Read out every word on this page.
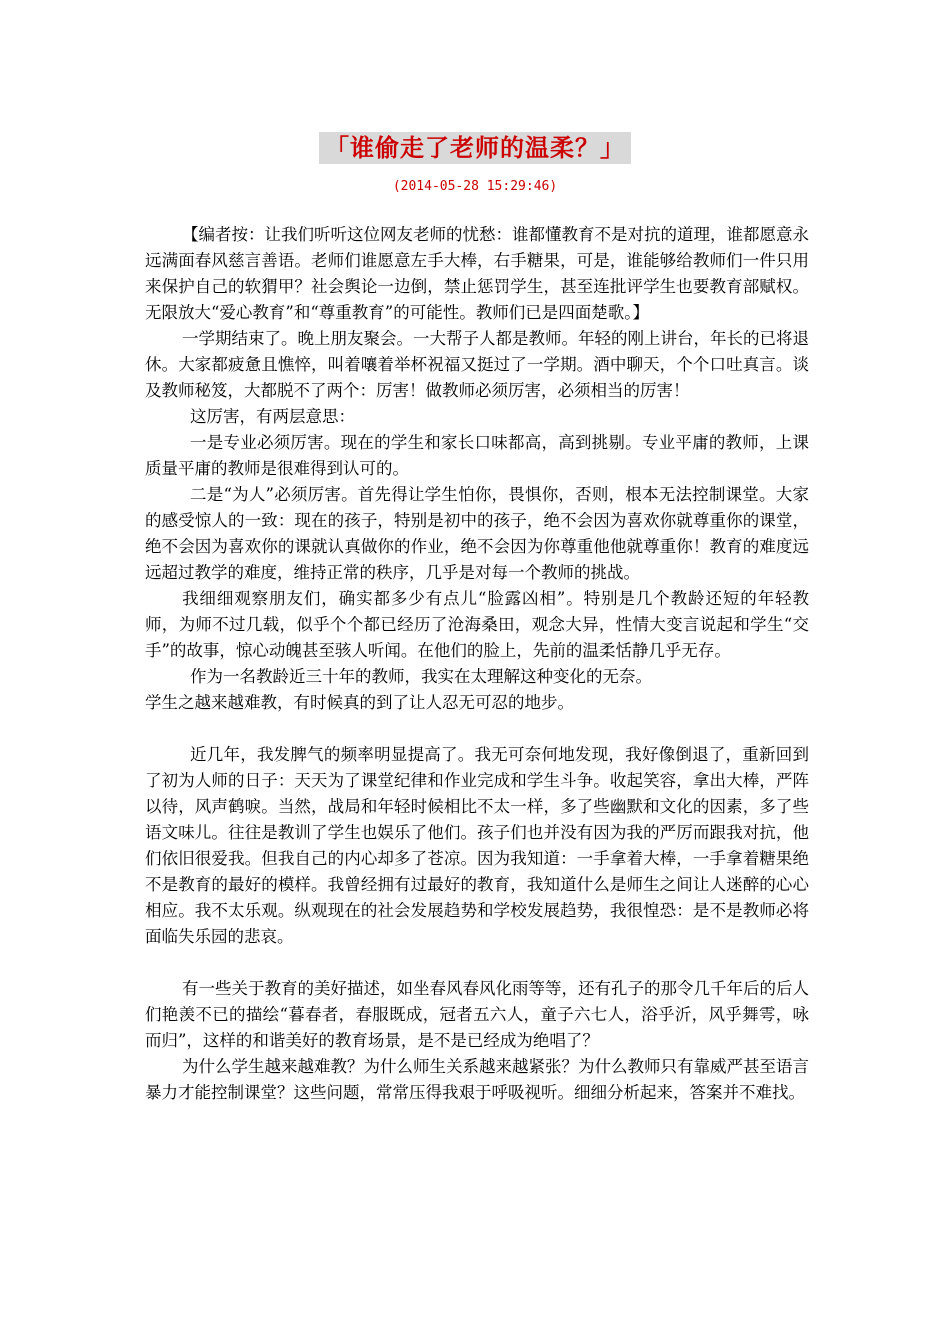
「谁偷走了老师的温柔？」
(2014-05-28 15:29:46)

【编者按：让我们听听这位网友老师的忧愁：谁都懂教育不是对抗的道理，谁都愿意永远满面春风慈言善语。老师们谁愿意左手大棒，右手糖果，可是，谁能够给教师们一件只用来保护自己的软猬甲？社会舆论一边倒，禁止惩罚学生，甚至连批评学生也要教育部赋权。无限放大“爱心教育”和“尊重教育”的可能性。教师们已是四面楚歌。】

一学期结束了。晚上朋友聚会。一大帮子人都是教师。年轻的刚上讲台，年长的已将退休。大家都疲惫且憔悴，叫着嚷着举杯祝福又挺过了一学期。酒中聊天，个个口吐真言。谈及教师秘笈，大都脱不了两个：厉害！做教师必须厉害，必须相当的厉害！

这厉害，有两层意思：

一是专业必须厉害。现在的学生和家长口味都高，高到挑剔。专业平庸的教师，上课质量平庸的教师是很难得到认可的。

二是“为人”必须厉害。首先得让学生怕你，畏惧你，否则，根本无法控制课堂。大家的感受惊人的一致：现在的孩子，特别是初中的孩子，绝不会因为喜欢你就尊重你的课堂，绝不会因为喜欢你的课就认真做你的作业，绝不会因为你尊重他他就尊重你！教育的难度远远超过教学的难度，维持正常的秩序，几乎是对每一个教师的挑战。

我细细观察朋友们，确实都多少有点儿“脸露凶相”。特别是几个教龄还短的年轻教师，为师不过几载，似乎个个都已经历了沧海桑田，观念大异，性情大变言说起和学生“交手”的故事，惊心动魄甚至骇人听闻。在他们的脸上，先前的温柔恬静几乎无存。

作为一名教龄近三十年的教师，我实在太理解这种变化的无奈。

学生之越来越难教，有时候真的到了让人忍无可忍的地步。

近几年，我发脾气的频率明显提高了。我无可奈何地发现，我好像倒退了，重新回到了初为人师的日子：天天为了课堂纪律和作业完成和学生斗争。收起笑容，拿出大棒，严阵以待，风声鹤唳。当然，战局和年轻时候相比不太一样，多了些幽默和文化的因素，多了些语文味儿。往往是教训了学生也娱乐了他们。孩子们也并没有因为我的严厉而跟我对抗，他们依旧很爱我。但我自己的内心却多了苍凉。因为我知道：一手拿着大棒，一手拿着糖果绝不是教育的最好的模样。我曾经拥有过最好的教育，我知道什么是师生之间让人迷醉的心心相应。我不太乐观。纵观现在的社会发展趋势和学校发展趋势，我很惶恐：是不是教师必将面临失乐园的悲哀。

有一些关于教育的美好描述，如坐春风春风化雨等等，还有孔子的那令几千年后的后人们艳羡不已的描绘“暮春者，春服既成，冠者五六人，童子六七人，浴乎沂，风乎舞雩，咏而归”，这样的和谐美好的教育场景，是不是已经成为绝唱了？

为什么学生越来越难教？为什么师生关系越来越紧张？为什么教师只有靠威严甚至语言暴力才能控制课堂？这些问题，常常压得我艰于呼吸视听。细细分析起来，答案并不难找。
